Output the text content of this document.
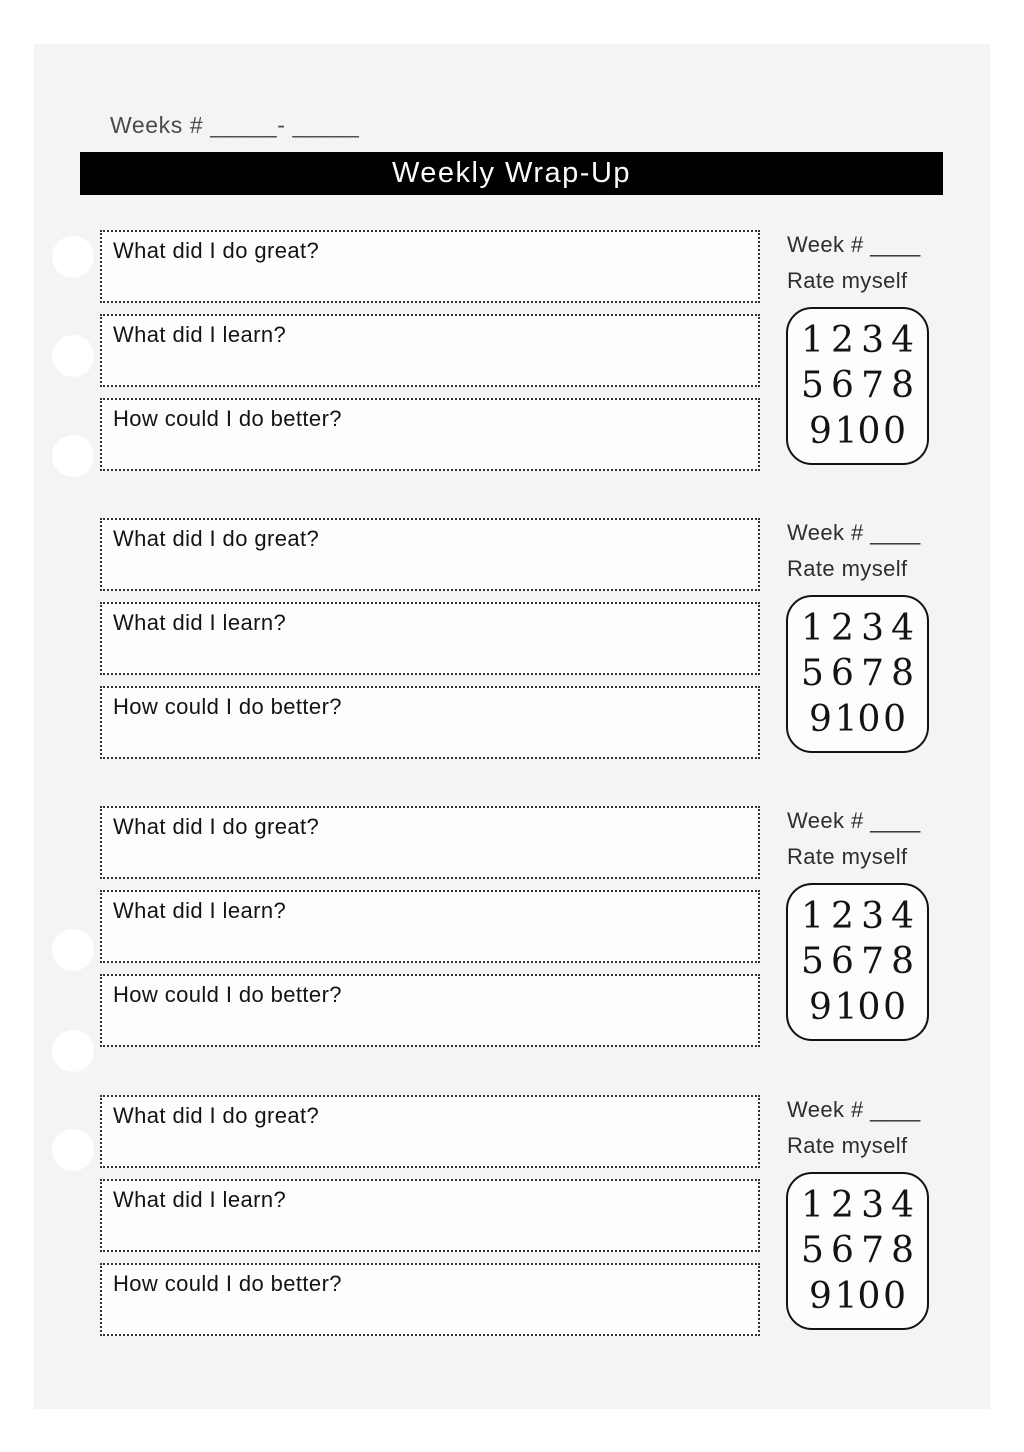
Weeks # _____- _____
Weekly Wrap-Up
What did I do great?
What did I learn?
How could I do better?
Week # ____
Rate myself
1 2 3 4
5 6 7 8
9 10 0
What did I do great?
What did I learn?
How could I do better?
Week # ____
Rate myself
1 2 3 4
5 6 7 8
9 10 0
What did I do great?
What did I learn?
How could I do better?
Week # ____
Rate myself
1 2 3 4
5 6 7 8
9 10 0
What did I do great?
What did I learn?
How could I do better?
Week # ____
Rate myself
1 2 3 4
5 6 7 8
9 10 0
